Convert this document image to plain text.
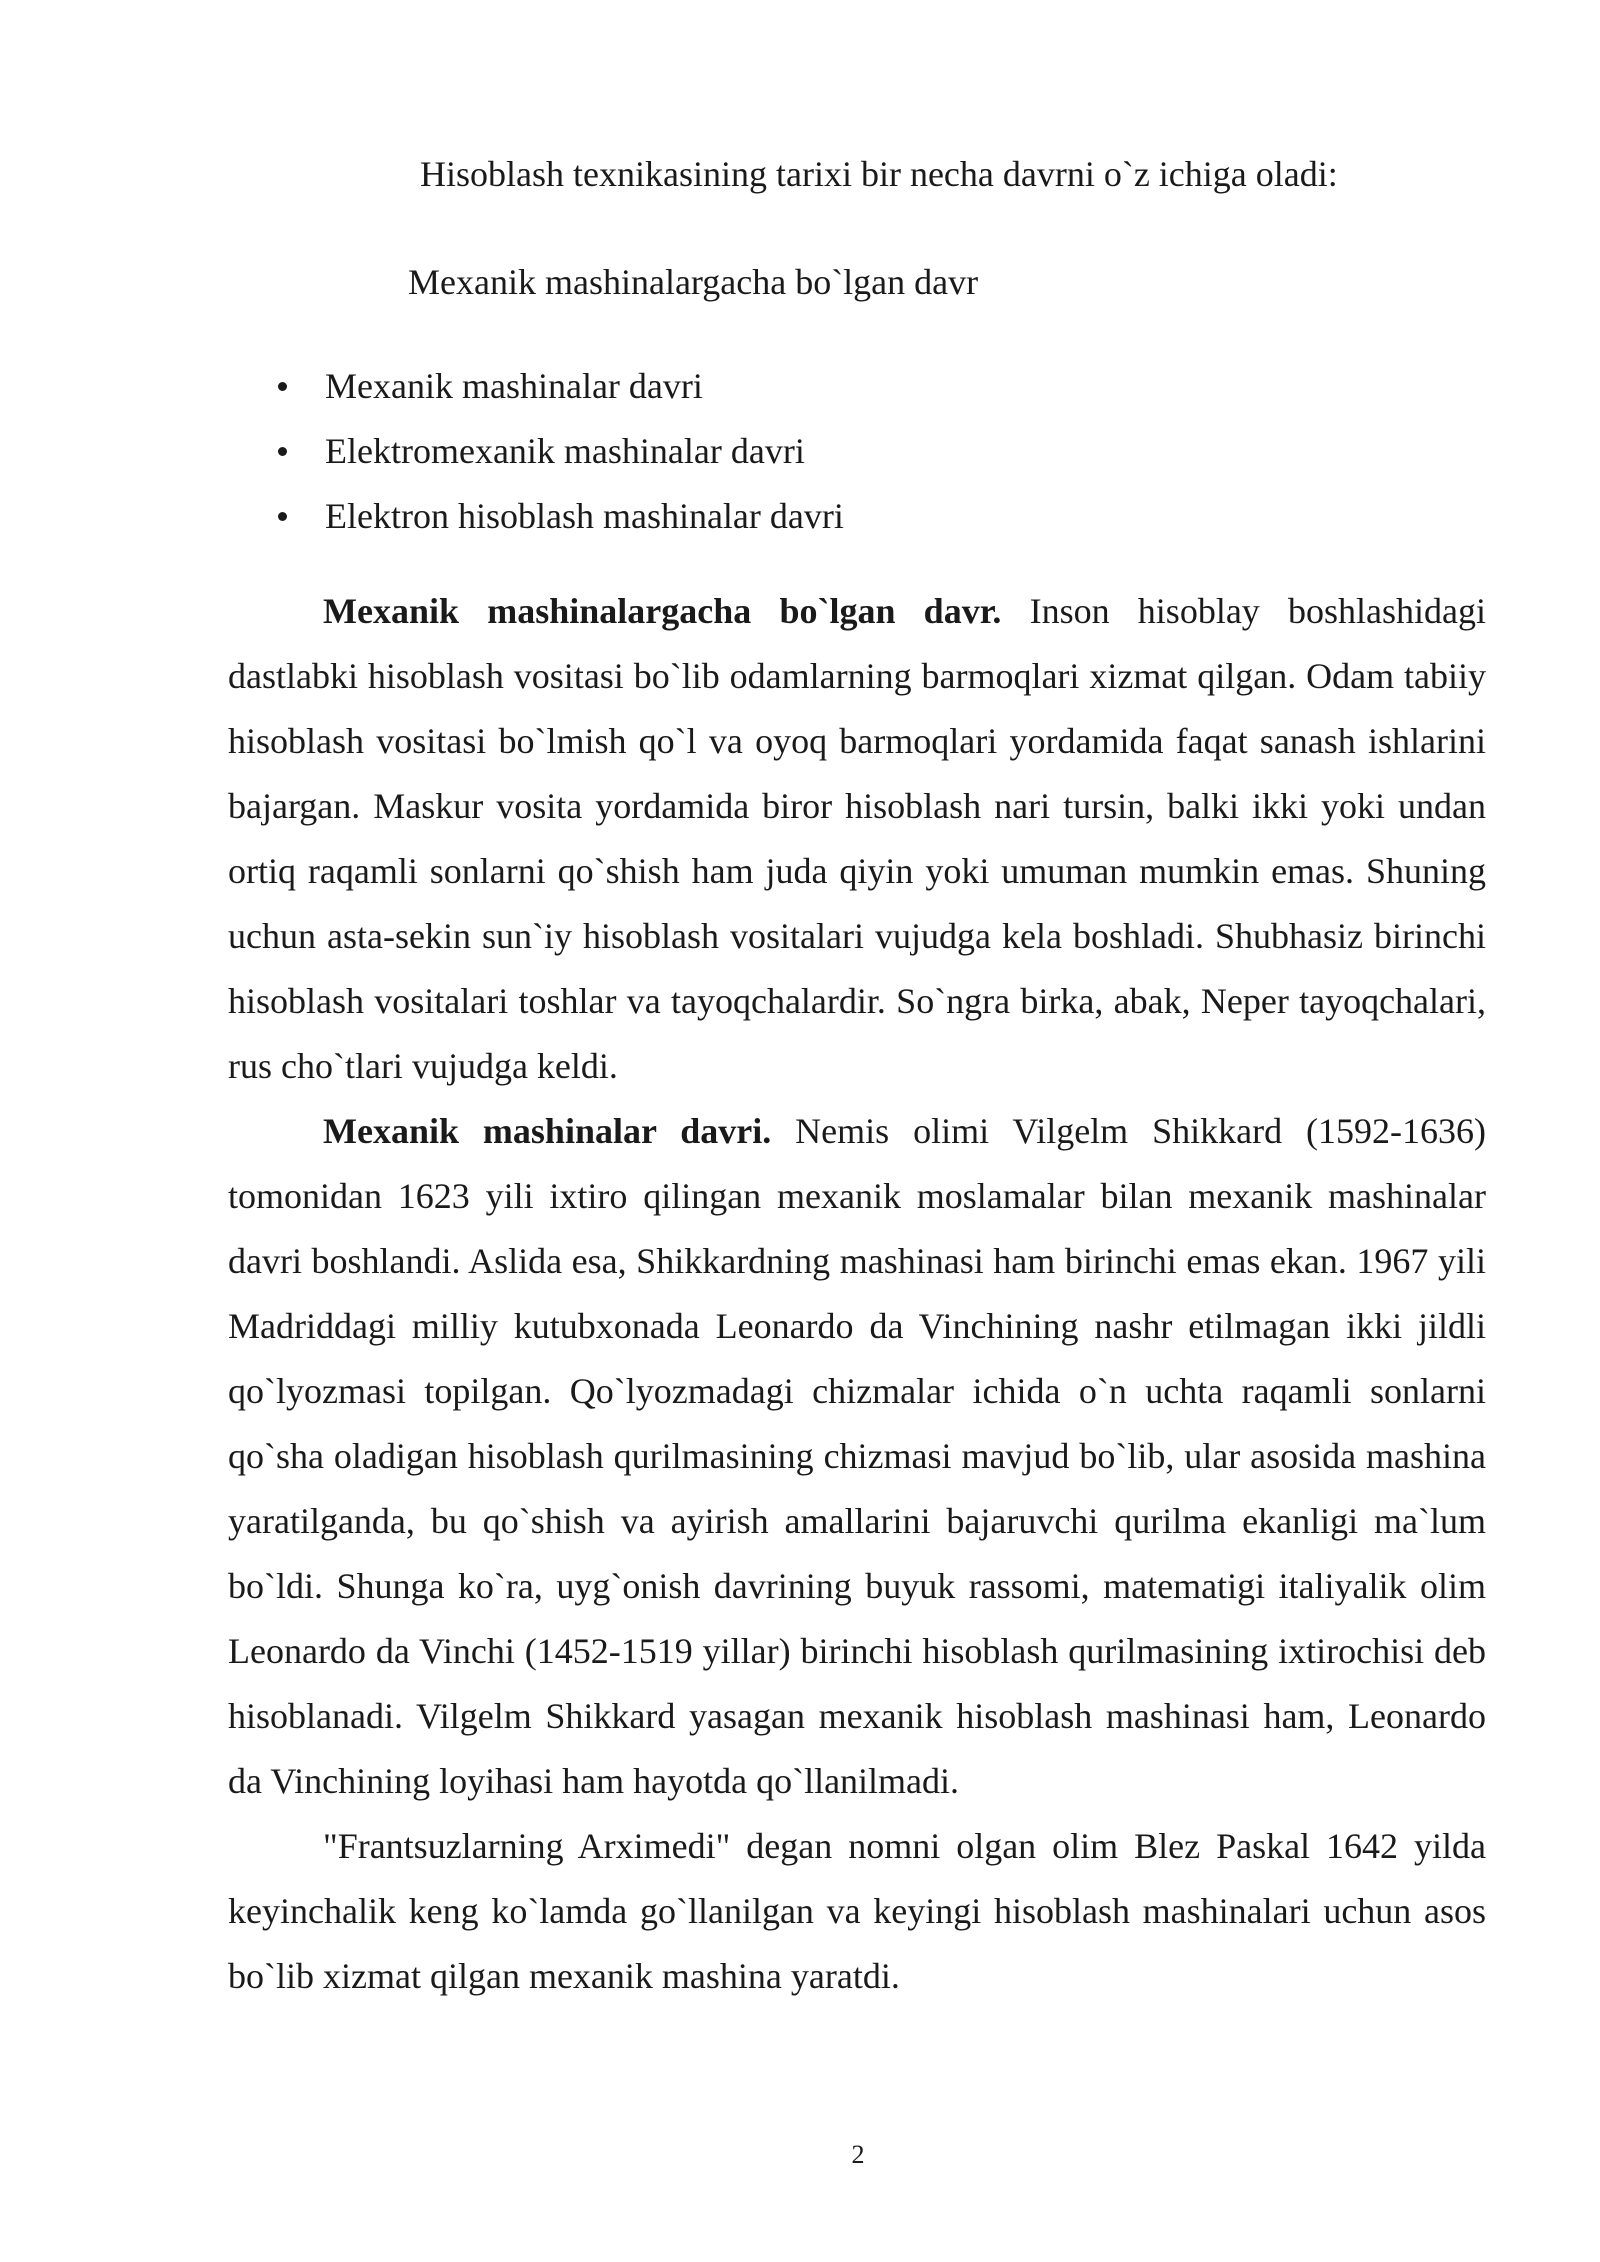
Hisoblash texnikasining tarixi bir necha davrni o`z ichiga oladi:
Mexanik mashinalargacha bo`lgan davr
Mexanik mashinalar davri
Elektromexanik mashinalar davri
Elektron hisoblash mashinalar davri

Mexanik mashinalargacha bo`lgan davr. Inson hisoblay boshlashidagi dastlabki hisoblash vositasi bo`lib odamlarning barmoqlari xizmat qilgan. Odam tabiiy hisoblash vositasi bo`lmish qo`l va oyoq barmoqlari yordamida faqat sanash ishlarini bajargan. Maskur vosita yordamida biror hisoblash nari tursin, balki ikki yoki undan ortiq raqamli sonlarni qo`shish ham juda qiyin yoki umuman mumkin emas. Shuning uchun asta-sekin sun`iy hisoblash vositalari vujudga kela boshladi. Shubhasiz birinchi hisoblash vositalari toshlar va tayoqchalardir. So`ngra birka, abak, Neper tayoqchalari, rus cho`tlari vujudga keldi.

Mexanik mashinalar davri. Nemis olimi Vilgelm Shikkard (1592-1636) tomonidan 1623 yili ixtiro qilingan mexanik moslamalar bilan mexanik mashinalar davri boshlandi. Aslida esa, Shikkardning mashinasi ham birinchi emas ekan. 1967 yili Madriddagi milliy kutubxonada Leonardo da Vinchining nashr etilmagan ikki jildli qo`lyozmasi topilgan. Qo`lyozmadagi chizmalar ichida o`n uchta raqamli sonlarni qo`sha oladigan hisoblash qurilmasining chizmasi mavjud bo`lib, ular asosida mashina yaratilganda, bu qo`shish va ayirish amallarini bajaruvchi qurilma ekanligi ma`lum bo`ldi. Shunga ko`ra, uyg`onish davrining buyuk rassomi, matematigi italiyalik olim Leonardo da Vinchi (1452-1519 yillar) birinchi hisoblash qurilmasining ixtirochisi deb hisoblanadi. Vilgelm Shikkard yasagan mexanik hisoblash mashinasi ham, Leonardo da Vinchining loyihasi ham hayotda qo`llanilmadi.

"Frantsuzlarning Arximedi" degan nomni olgan olim Blez Paskal 1642 yilda keyinchalik keng ko`lamda go`llanilgan va keyingi hisoblash mashinalari uchun asos bo`lib xizmat qilgan mexanik mashina yaratdi.

2
